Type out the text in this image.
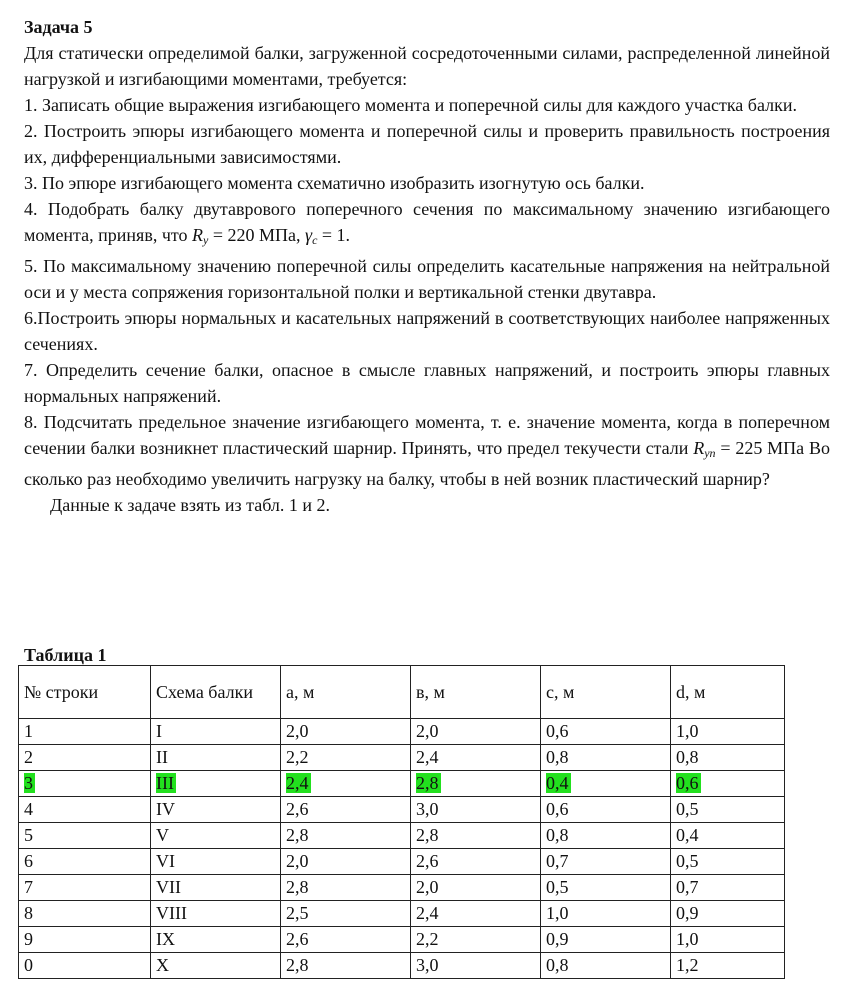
Задача 5

Для статически определимой балки, загруженной сосредоточенными силами, распределенной линейной нагрузкой и изгибающими моментами, требуется:

1. Записать общие выражения изгибающего момента и поперечной силы для каждого участка балки.

2. Построить эпюры изгибающего момента и поперечной силы и проверить правильность построения их, дифференциальными зависимостями.

3. По эпюре изгибающего момента схематично изобразить изогнутую ось балки.

4. Подобрать балку двутаврового поперечного сечения по максимальному значению изгибающего момента, приняв, что $R_y = 220$ МПа, $\gamma_c = 1$.

5. По максимальному значению поперечной силы определить касательные напряжения на нейтральной оси и у места сопряжения горизонтальной полки и вертикальной стенки двутавра.

6.Построить эпюры нормальных и касательных напряжений в соответствующих наиболее напряженных сечениях.

7. Определить сечение балки, опасное в смысле главных напряжений, и построить эпюры главных нормальных напряжений.

8. Подсчитать предельное значение изгибающего момента, т. е. значение момента, когда в поперечном сечении балки возникнет пластический шарнир. Принять, что предел текучести стали $R_{yn} = 225$ МПа Во сколько раз необходимо увеличить нагрузку на балку, чтобы в ней возник пластический шарнир?

Данные к задаче взять из табл. 1 и 2.

Таблица 1

№ строки	Схема балки	a, м	в, м	c, м	d, м
1	I	2,0	2,0	0,6	1,0
2	II	2,2	2,4	0,8	0,8
3	III	2,4	2,8	0,4	0,6
4	IV	2,6	3,0	0,6	0,5
5	V	2,8	2,8	0,8	0,4
6	VI	2,0	2,6	0,7	0,5
7	VII	2,8	2,0	0,5	0,7
8	VIII	2,5	2,4	1,0	0,9
9	IX	2,6	2,2	0,9	1,0
0	X	2,8	3,0	0,8	1,2
